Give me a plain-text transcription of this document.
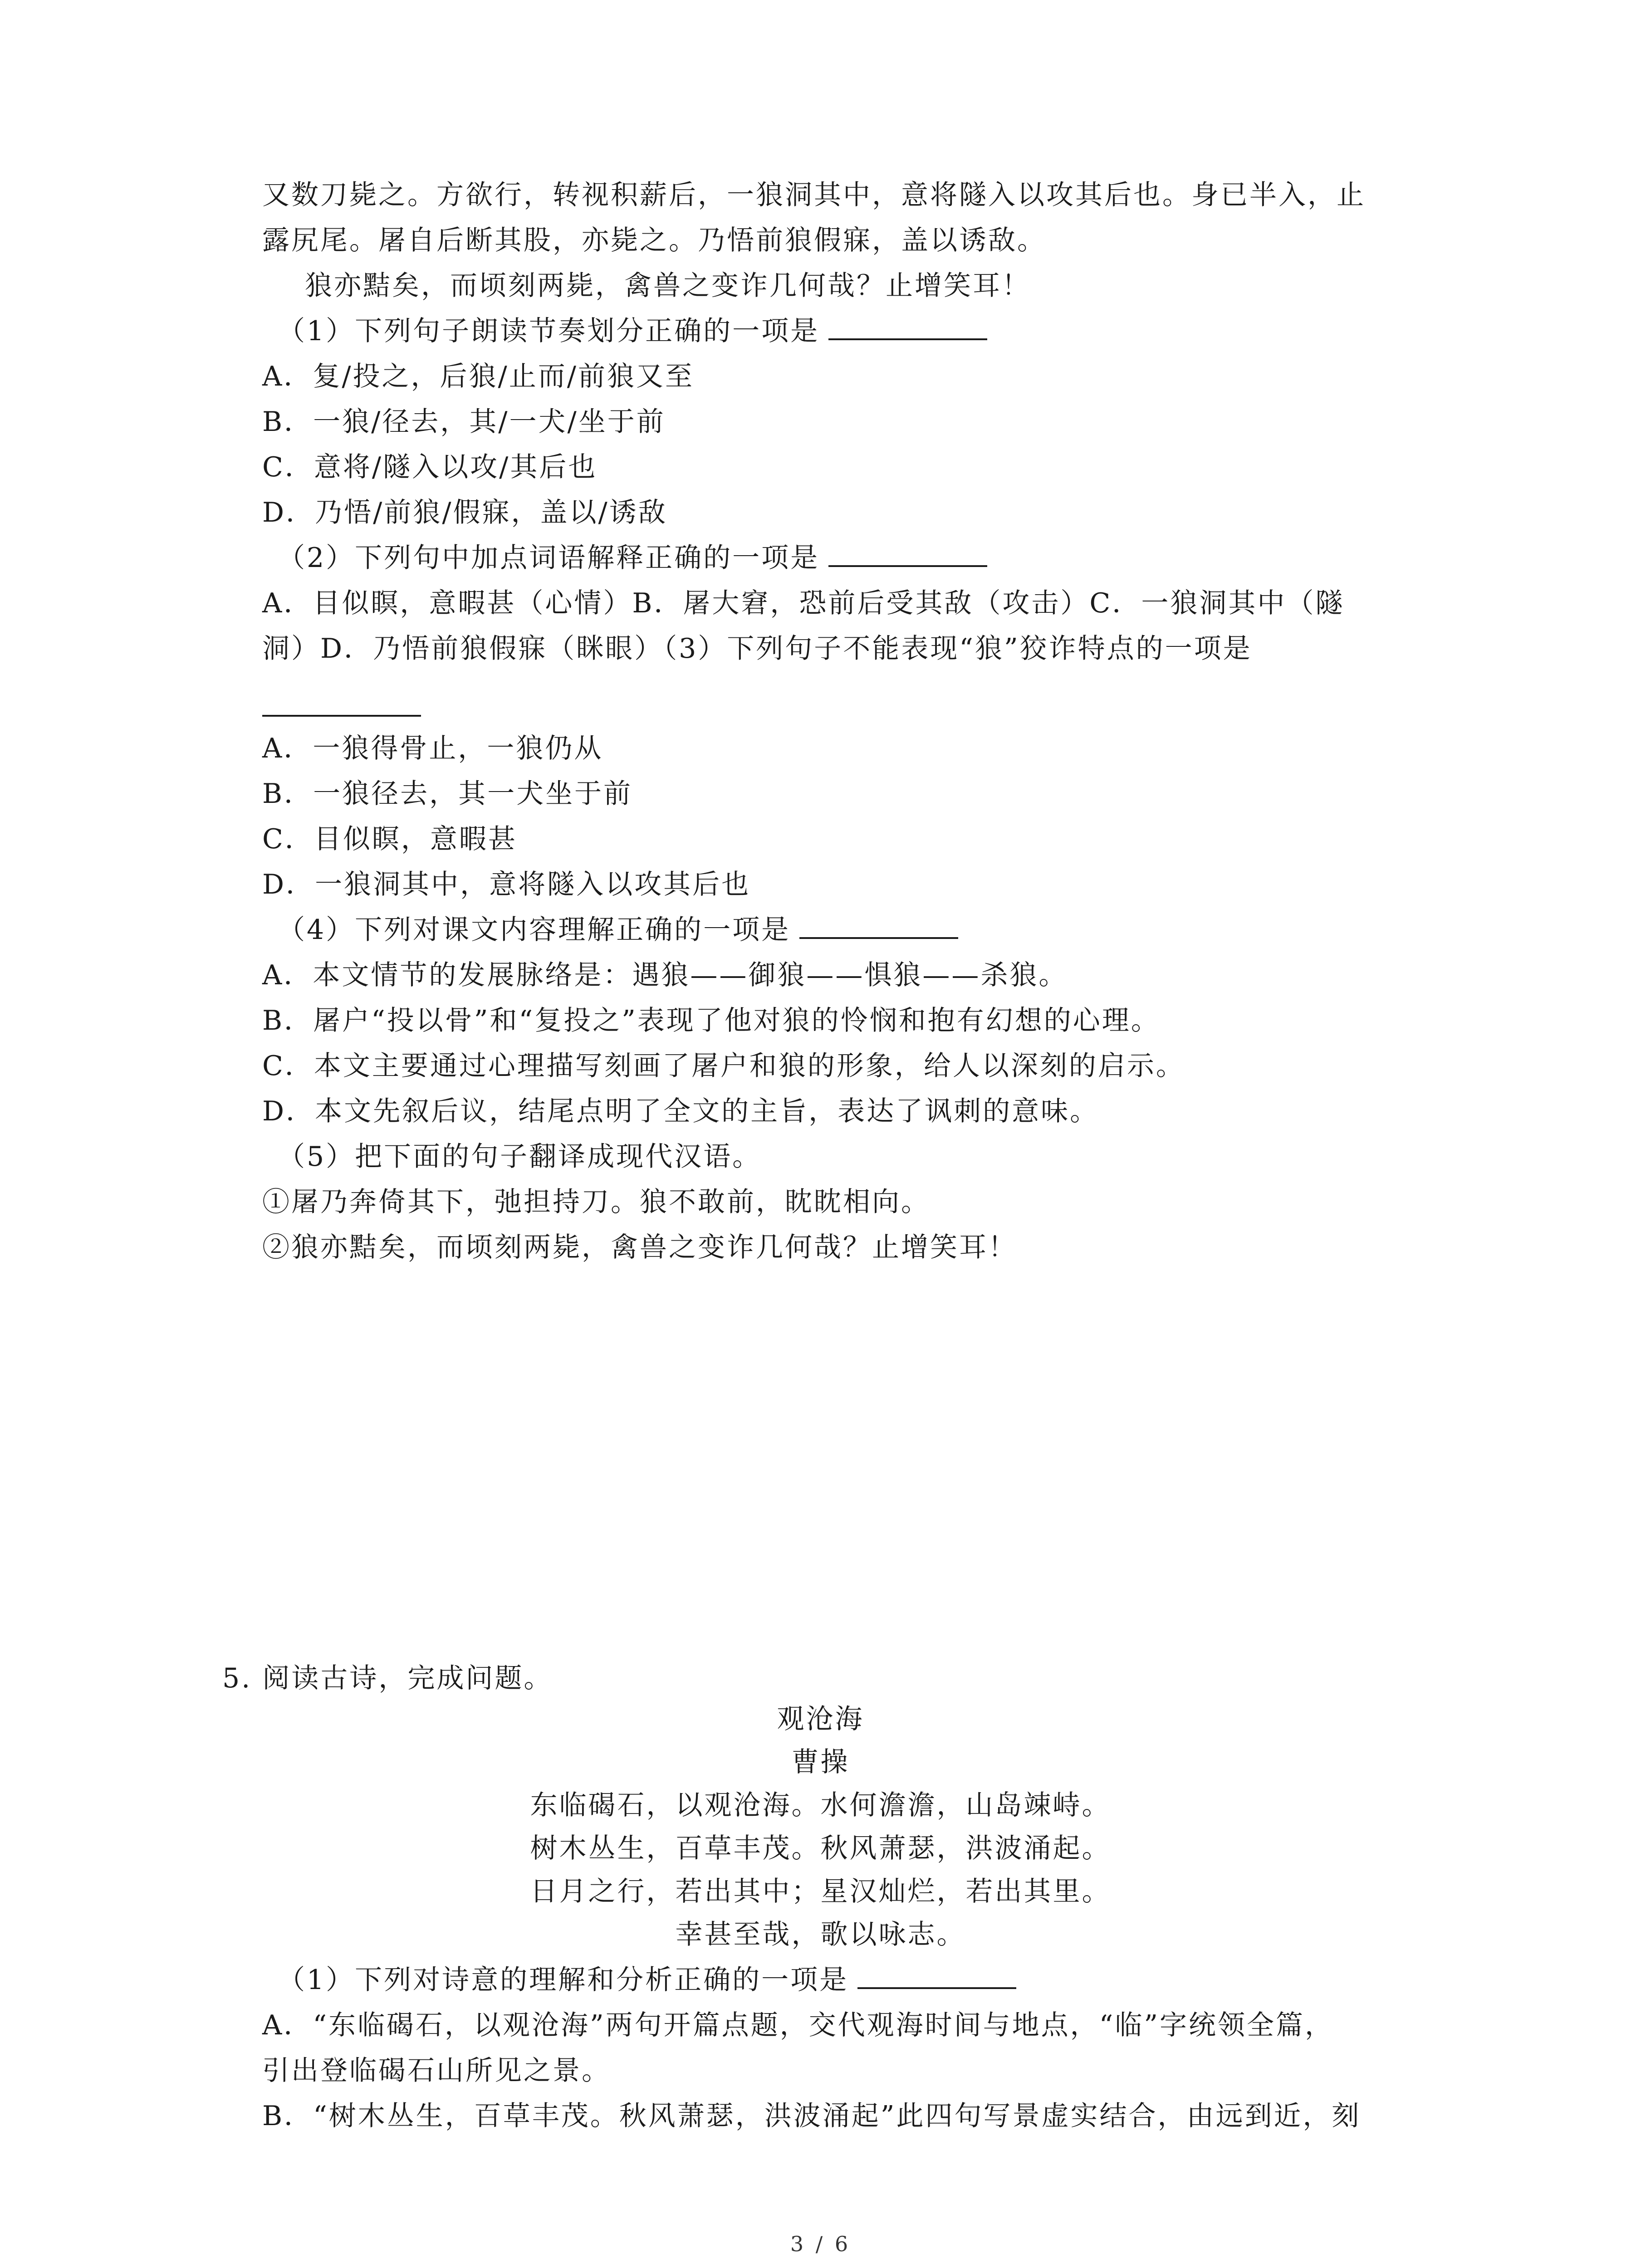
又数刀毙之。方欲行，转视积薪后，一狼洞其中，意将隧入以攻其后也。身已半入，止
露尻尾。屠自后断其股，亦毙之。乃悟前狼假寐，盖以诱敌。
狼亦黠矣，而顷刻两毙，禽兽之变诈几何哉？止增笑耳！
（1）下列句子朗读节奏划分正确的一项是
A．复/投之，后狼/止而/前狼又至
B．一狼/径去，其/一犬/坐于前
C．意将/隧入以攻/其后也
D．乃悟/前狼/假寐，盖以/诱敌
（2）下列句中加点词语解释正确的一项是
A．目似瞑，意暇甚（心情）B．屠大窘，恐前后受其敌（攻击）C．一狼洞其中（隧
洞）D．乃悟前狼假寐（眯眼）（3）下列句子不能表现“狼”狡诈特点的一项是
A．一狼得骨止，一狼仍从
B．一狼径去，其一犬坐于前
C．目似瞑，意暇甚
D．一狼洞其中，意将隧入以攻其后也
（4）下列对课文内容理解正确的一项是
A．本文情节的发展脉络是：遇狼——御狼——惧狼——杀狼。
B．屠户“投以骨”和“复投之”表现了他对狼的怜悯和抱有幻想的心理。
C．本文主要通过心理描写刻画了屠户和狼的形象，给人以深刻的启示。
D．本文先叙后议，结尾点明了全文的主旨，表达了讽刺的意味。
（5）把下面的句子翻译成现代汉语。
①屠乃奔倚其下，弛担持刀。狼不敢前，眈眈相向。
②狼亦黠矣，而顷刻两毙，禽兽之变诈几何哉？止增笑耳！
5. 阅读古诗，完成问题。
观沧海
曹操
东临碣石，以观沧海。水何澹澹，山岛竦峙。
树木丛生，百草丰茂。秋风萧瑟，洪波涌起。
日月之行，若出其中；星汉灿烂，若出其里。
幸甚至哉，歌以咏志。
（1）下列对诗意的理解和分析正确的一项是
A．“东临碣石，以观沧海”两句开篇点题，交代观海时间与地点，“临”字统领全篇，
引出登临碣石山所见之景。
B．“树木丛生，百草丰茂。秋风萧瑟，洪波涌起”此四句写景虚实结合，由远到近，刻
3 / 6
